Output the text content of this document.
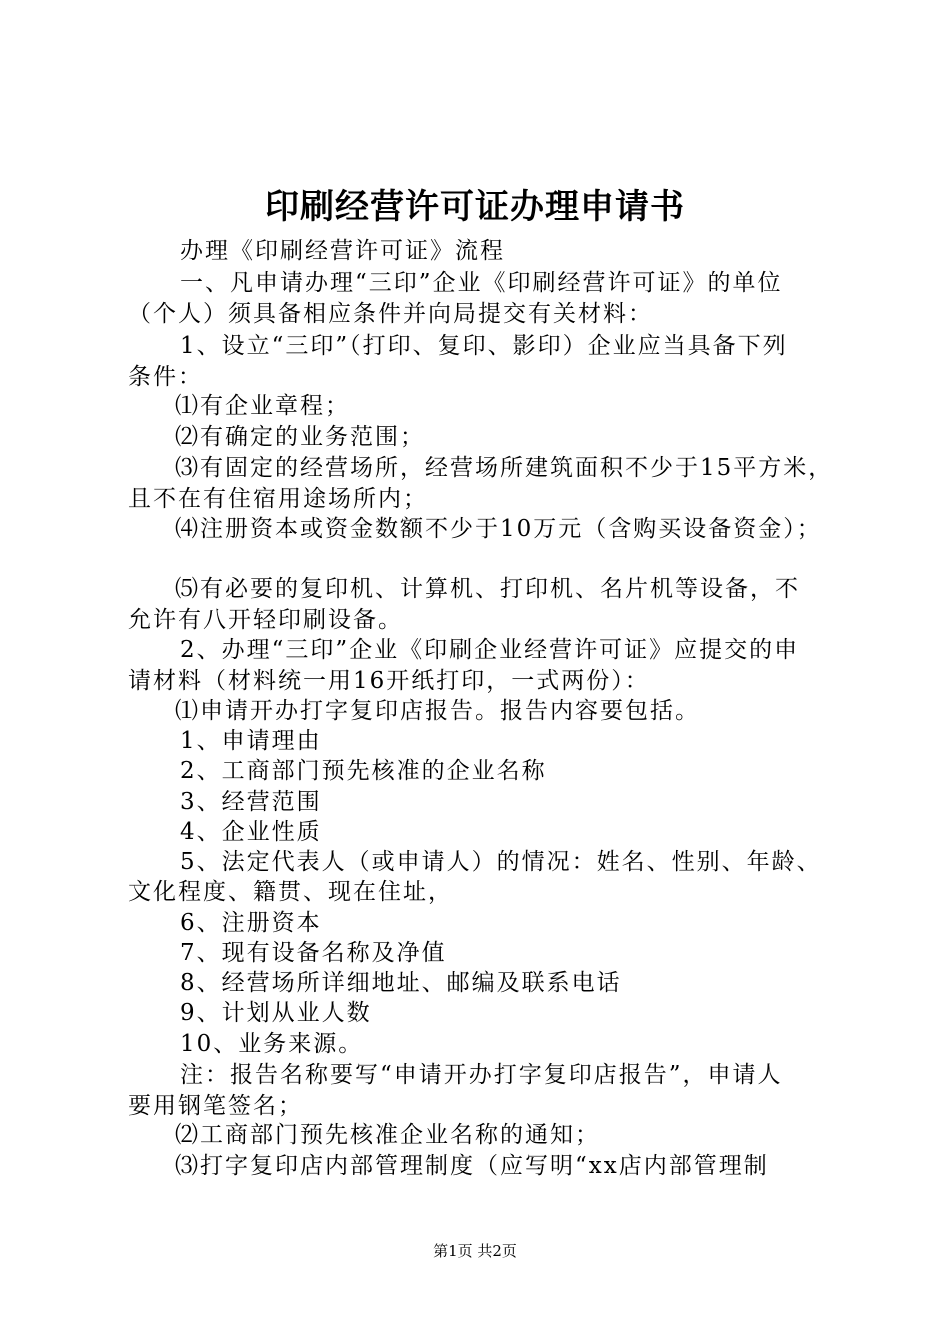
印刷经营许可证办理申请书
办理《印刷经营许可证》流程
一、凡申请办理“三印”企业《印刷经营许可证》的单位
（个人）须具备相应条件并向局提交有关材料：
1、设立“三印”（打印、复印、影印）企业应当具备下列
条件：
⑴有企业章程；
⑵有确定的业务范围；
⑶有固定的经营场所，经营场所建筑面积不少于15平方米，
且不在有住宿用途场所内；
⑷注册资本或资金数额不少于10万元（含购买设备资金）；
⑸有必要的复印机、计算机、打印机、名片机等设备，不
允许有八开轻印刷设备。
2、办理“三印”企业《印刷企业经营许可证》应提交的申
请材料（材料统一用16开纸打印，一式两份）：
⑴申请开办打字复印店报告。报告内容要包括。
1、申请理由
2、工商部门预先核准的企业名称
3、经营范围
4、企业性质
5、法定代表人（或申请人）的情况：姓名、性别、年龄、
文化程度、籍贯、现在住址，
6、注册资本
7、现有设备名称及净值
8、经营场所详细地址、邮编及联系电话
9、计划从业人数
10、业务来源。
注：报告名称要写“申请开办打字复印店报告”，申请人
要用钢笔签名；
⑵工商部门预先核准企业名称的通知；
⑶打字复印店内部管理制度（应写明“xx店内部管理制
第1页 共2页
